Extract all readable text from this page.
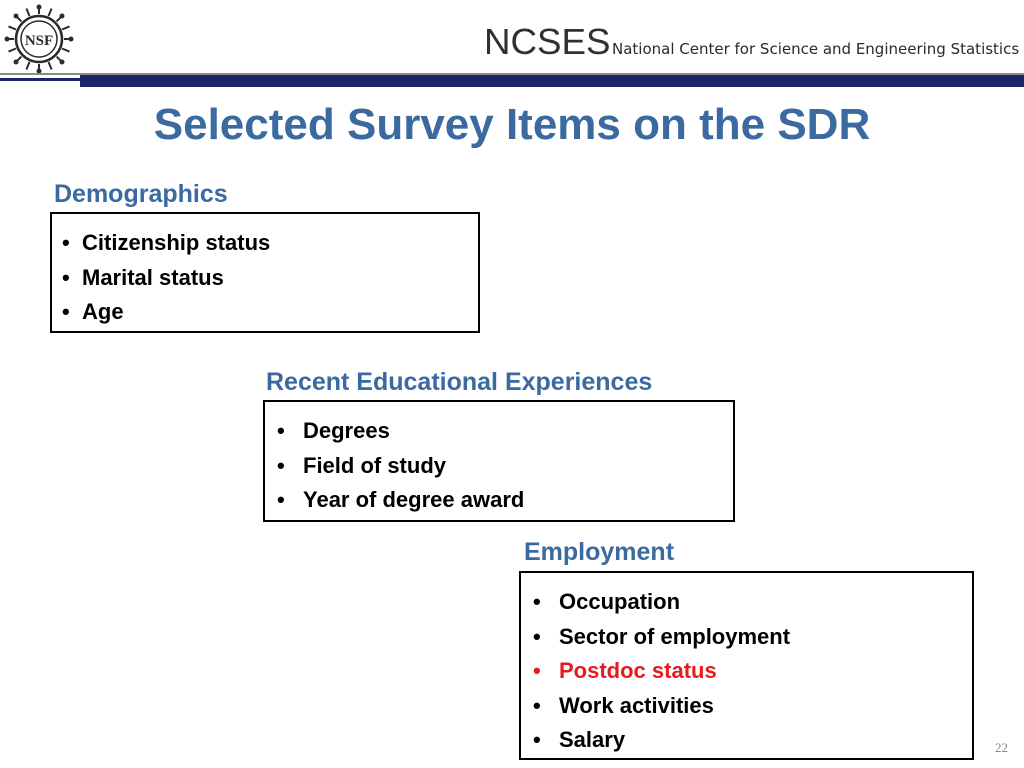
NSF	NCSES National Center for Science and Engineering Statistics
Selected Survey Items on the SDR
Demographics
• Citizenship status
• Marital status
• Age
Recent Educational Experiences
• Degrees
• Field of study
• Year of degree award
Employment
• Occupation
• Sector of employment
• Postdoc status
• Work activities
• Salary	22
